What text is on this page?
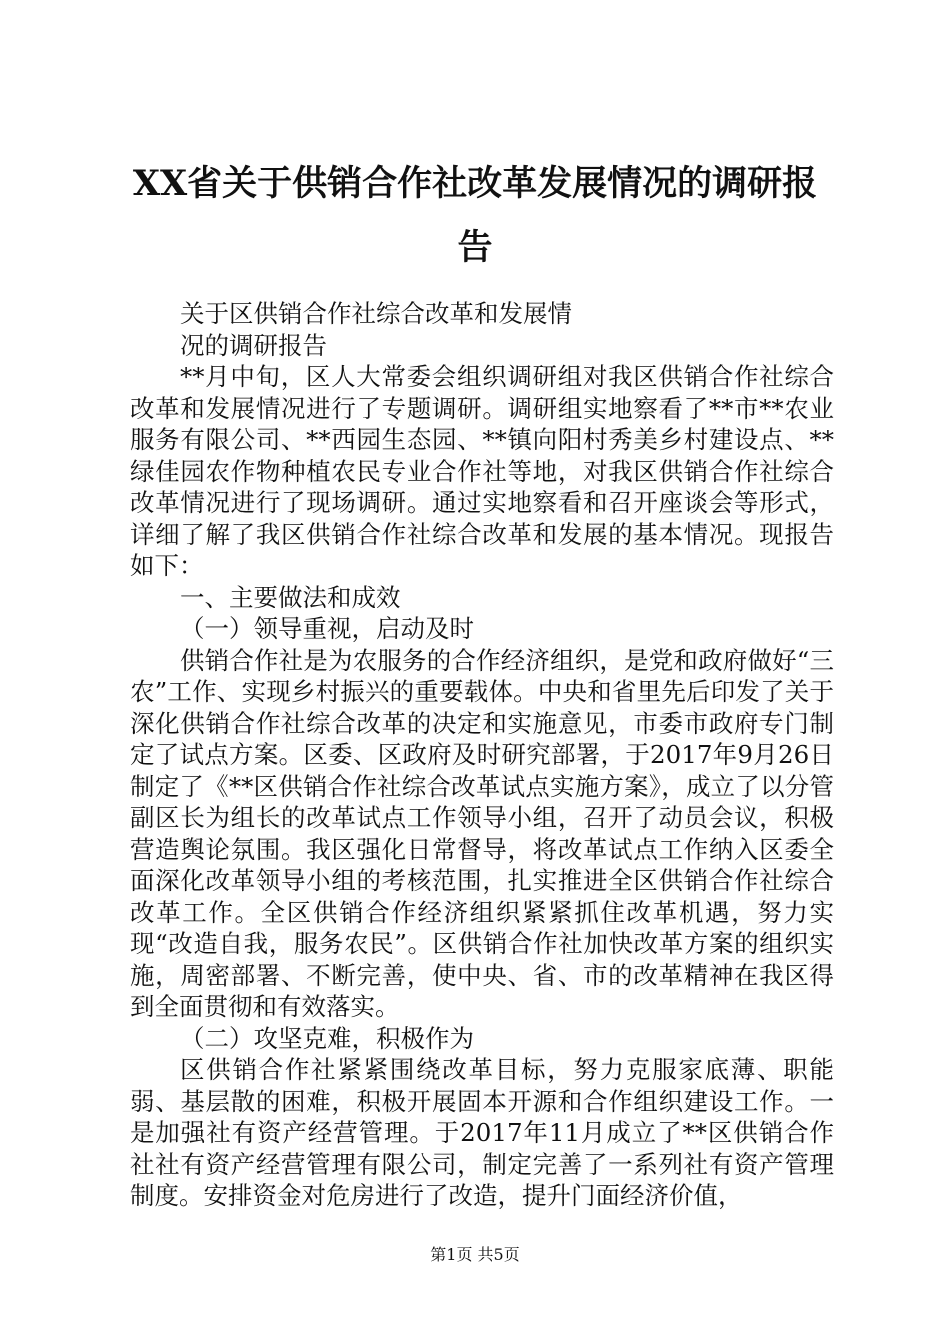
XX省关于供销合作社改革发展情况的调研报告

关于区供销合作社综合改革和发展情

况的调研报告

**月中旬，区人大常委会组织调研组对我区供销合作社综合改革和发展情况进行了专题调研。调研组实地察看了**市**农业服务有限公司、**西园生态园、**镇向阳村秀美乡村建设点、**绿佳园农作物种植农民专业合作社等地，对我区供销合作社综合改革情况进行了现场调研。通过实地察看和召开座谈会等形式，详细了解了我区供销合作社综合改革和发展的基本情况。现报告如下：

一、主要做法和成效

（一）领导重视，启动及时

供销合作社是为农服务的合作经济组织，是党和政府做好“三农”工作、实现乡村振兴的重要载体。中央和省里先后印发了关于深化供销合作社综合改革的决定和实施意见，市委市政府专门制定了试点方案。区委、区政府及时研究部署，于2017年9月26日制定了《**区供销合作社综合改革试点实施方案》，成立了以分管副区长为组长的改革试点工作领导小组，召开了动员会议，积极营造舆论氛围。我区强化日常督导，将改革试点工作纳入区委全面深化改革领导小组的考核范围，扎实推进全区供销合作社综合改革工作。全区供销合作经济组织紧紧抓住改革机遇，努力实现“改造自我，服务农民”。区供销合作社加快改革方案的组织实施，周密部署、不断完善，使中央、省、市的改革精神在我区得到全面贯彻和有效落实。

（二）攻坚克难，积极作为

区供销合作社紧紧围绕改革目标，努力克服家底薄、职能弱、基层散的困难，积极开展固本开源和合作组织建设工作。一是加强社有资产经营管理。于2017年11月成立了**区供销合作社社有资产经营管理有限公司，制定完善了一系列社有资产管理制度。安排资金对危房进行了改造，提升门面经济价值，

第1页 共5页
